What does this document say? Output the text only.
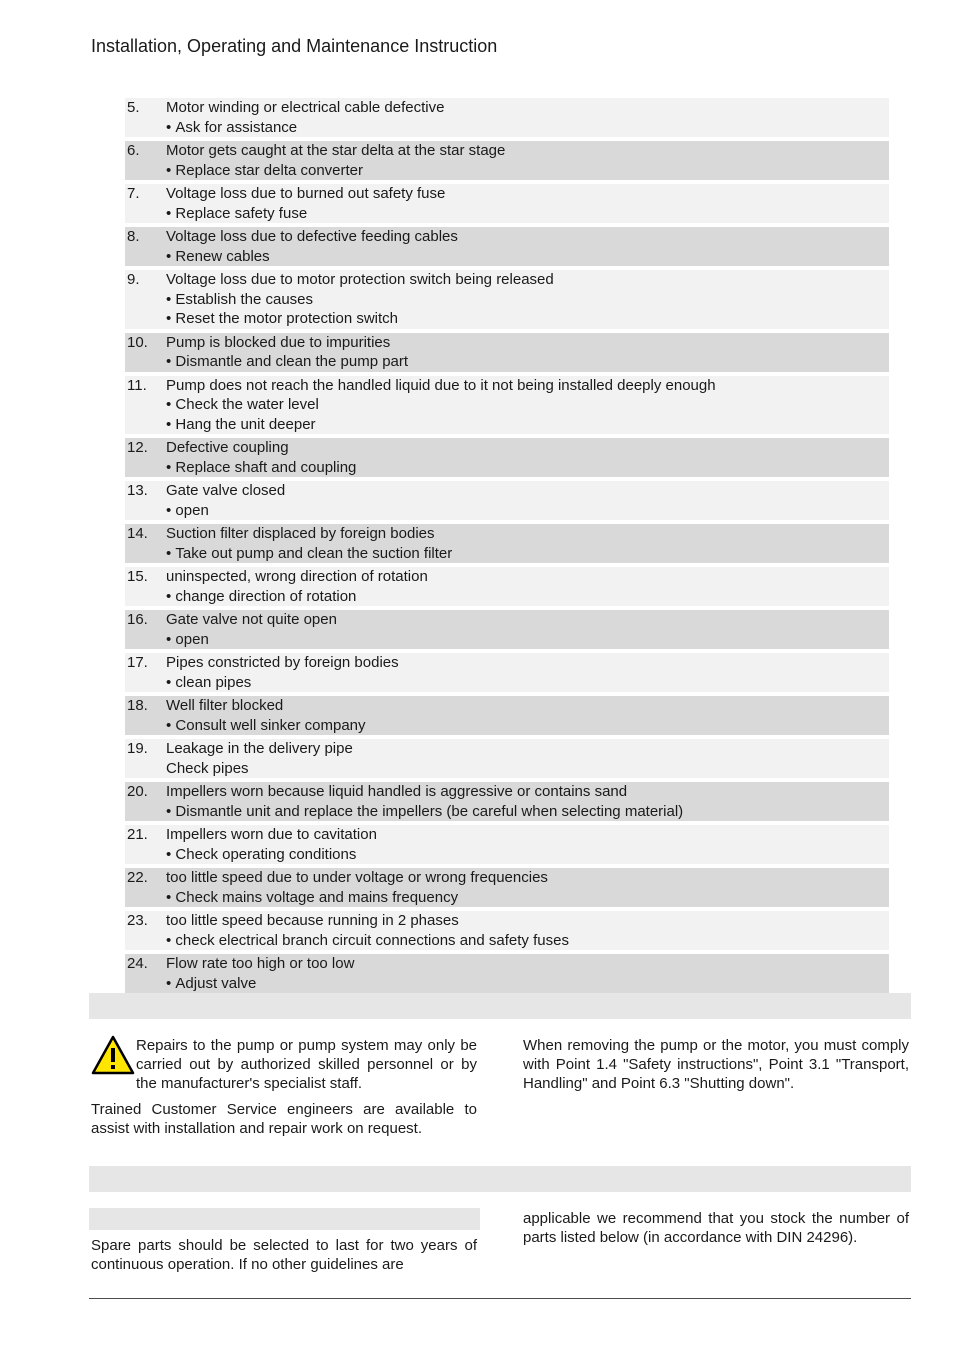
Installation, Operating and Maintenance Instruction
5.	Motor winding or electrical cable defective
• Ask for assistance

6.	Motor gets caught at the star delta at the star stage
• Replace star delta converter

7.	Voltage loss due to burned out safety fuse
• Replace safety fuse

8.	Voltage loss due to defective feeding cables
• Renew cables

9.	Voltage loss due to motor protection switch being released
• Establish the causes
• Reset the motor protection switch

10.	Pump is blocked due to impurities
• Dismantle and clean the pump part

11.	Pump does not reach the handled liquid due to it not being installed deeply enough
• Check the water level
• Hang the unit deeper

12.	Defective coupling
• Replace shaft and coupling

13.	Gate valve closed
• open

14.	Suction filter displaced by foreign bodies
• Take out pump and clean the suction filter

15.	uninspected, wrong direction of rotation
• change direction of rotation

16.	Gate valve not quite open
• open

17.	Pipes constricted by foreign bodies
• clean pipes

18.	Well filter blocked
• Consult well sinker company

19.	Leakage in the delivery pipe
Check pipes

20.	Impellers worn because liquid handled is aggressive or contains sand
• Dismantle unit and replace the impellers (be careful when selecting material)

21.	Impellers worn due to cavitation
• Check operating conditions

22.	too little speed due to under voltage or wrong frequencies
• Check mains voltage and mains frequency

23.	too little speed because running in 2 phases
• check electrical branch circuit connections and safety fuses

24.	Flow rate too high or too low
• Adjust valve

Repairs to the pump or pump system may only be carried out by authorized skilled personnel or by the manufacturer's specialist staff.

Trained Customer Service engineers are available to assist with installation and repair work on request.

When removing the pump or the motor, you must comply with Point 1.4 "Safety instructions", Point 3.1 "Transport, Handling" and Point 6.3 "Shutting down".

Spare parts should be selected to last for two years of continuous operation. If no other guidelines are

applicable we recommend that you stock the number of parts listed below (in accordance with DIN 24296).
